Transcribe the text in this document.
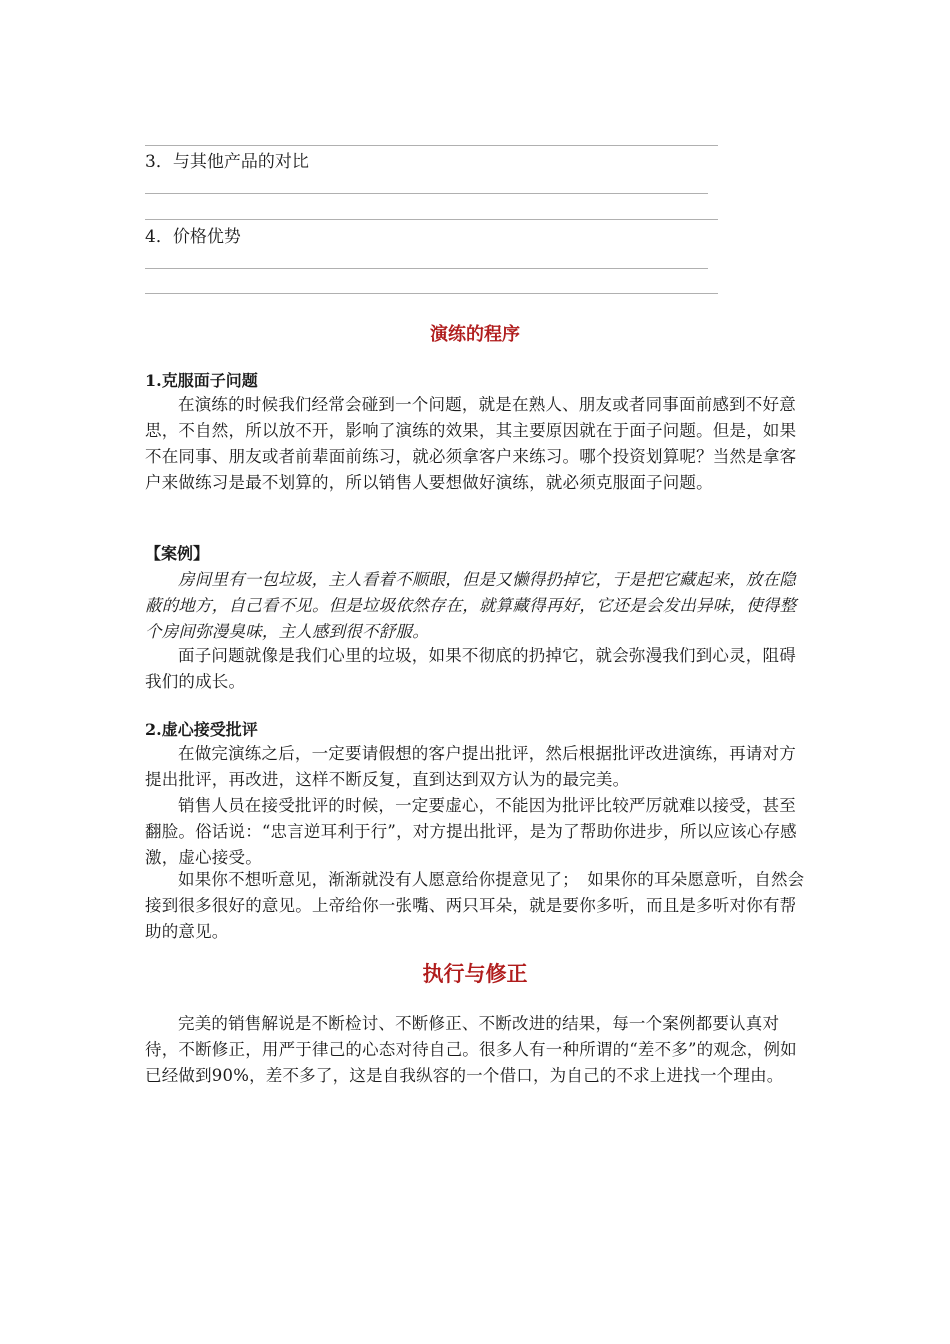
3．与其他产品的对比
4．价格优势
演练的程序
1.克服面子问题
在演练的时候我们经常会碰到一个问题，就是在熟人、朋友或者同事面前感到不好意思，不自然，所以放不开，影响了演练的效果，其主要原因就在于面子问题。但是，如果不在同事、朋友或者前辈面前练习，就必须拿客户来练习。哪个投资划算呢？当然是拿客户来做练习是最不划算的，所以销售人要想做好演练，就必须克服面子问题。
【案例】
房间里有一包垃圾，主人看着不顺眼，但是又懒得扔掉它，于是把它藏起来，放在隐蔽的地方，自己看不见。但是垃圾依然存在，就算藏得再好，它还是会发出异味，使得整个房间弥漫臭味，主人感到很不舒服。
面子问题就像是我们心里的垃圾，如果不彻底的扔掉它，就会弥漫我们到心灵，阻碍我们的成长。
2.虚心接受批评
在做完演练之后，一定要请假想的客户提出批评，然后根据批评改进演练，再请对方提出批评，再改进，这样不断反复，直到达到双方认为的最完美。
销售人员在接受批评的时候，一定要虚心，不能因为批评比较严厉就难以接受，甚至翻脸。俗话说：“忠言逆耳利于行”，对方提出批评，是为了帮助你进步，所以应该心存感激，虚心接受。
如果你不想听意见，渐渐就没有人愿意给你提意见了；　如果你的耳朵愿意听，自然会接到很多很好的意见。上帝给你一张嘴、两只耳朵，就是要你多听，而且是多听对你有帮助的意见。
执行与修正
完美的销售解说是不断检讨、不断修正、不断改进的结果，每一个案例都要认真对待，不断修正，用严于律己的心态对待自己。很多人有一种所谓的“差不多”的观念，例如已经做到90%，差不多了，这是自我纵容的一个借口，为自己的不求上进找一个理由。
